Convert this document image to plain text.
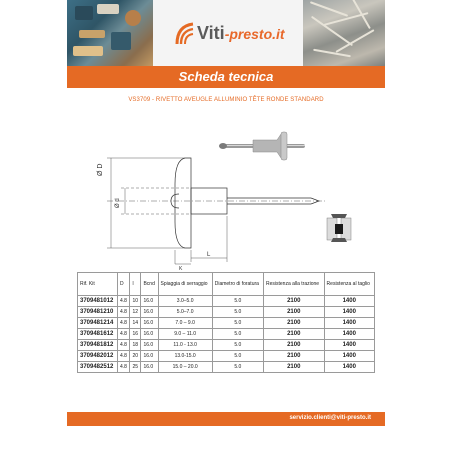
Viti-presto.it
Scheda tecnica
VS3709 - RIVETTO AVEUGLE ALLUMINIO TÊTE RONDE STANDARD
Ø D
Ø d
L
K
Rif. Kit	D	l	Bcnd	Spiaggia di serraggio	Diametro di foratura	Resistenza alla trazione	Resistenza al taglio
3709481012	4.8	10	16.0	3.0–5.0	5.0	2100	1400
3709481210	4.8	12	16.0	5.0–7.0	5.0	2100	1400
3709481214	4.8	14	16.0	7.0 – 9.0	5.0	2100	1400
3709481612	4.8	16	16.0	9.0 – 11.0	5.0	2100	1400
3709481812	4.8	18	16.0	11.0 - 13.0	5.0	2100	1400
3709482012	4.8	20	16.0	13.0-15.0	5.0	2100	1400
3709482512	4.8	25	16.0	15.0 – 20.0	5.0	2100	1400
servizio.clienti@viti-presto.it
